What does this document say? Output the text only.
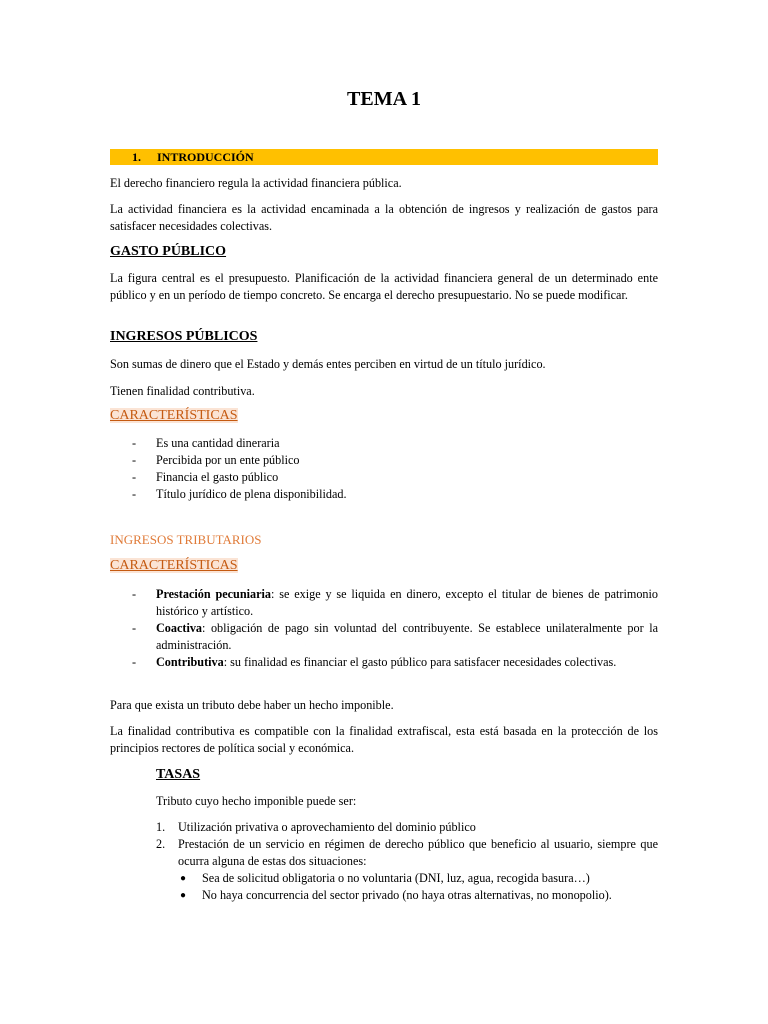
TEMA 1
1. INTRODUCCIÓN

El derecho financiero regula la actividad financiera pública.

La actividad financiera es la actividad encaminada a la obtención de ingresos y realización de gastos para satisfacer necesidades colectivas.

GASTO PÚBLICO

La figura central es el presupuesto. Planificación de la actividad financiera general de un determinado ente público y en un período de tiempo concreto. Se encarga el derecho presupuestario. No se puede modificar.

INGRESOS PÚBLICOS

Son sumas de dinero que el Estado y demás entes perciben en virtud de un título jurídico.

Tienen finalidad contributiva.

CARACTERÍSTICAS
- Es una cantidad dineraria
- Percibida por un ente público
- Financia el gasto público
- Título jurídico de plena disponibilidad.
INGRESOS TRIBUTARIOS
CARACTERÍSTICAS
- Prestación pecuniaria: se exige y se liquida en dinero, excepto el titular de bienes de patrimonio histórico y artístico.
- Coactiva: obligación de pago sin voluntad del contribuyente. Se establece unilateralmente por la administración.
- Contributiva: su finalidad es financiar el gasto público para satisfacer necesidades colectivas.

Para que exista un tributo debe haber un hecho imponible.

La finalidad contributiva es compatible con la finalidad extrafiscal, esta está basada en la protección de los principios rectores de política social y económica.

TASAS

Tributo cuyo hecho imponible puede ser:

1. Utilización privativa o aprovechamiento del dominio público
2. Prestación de un servicio en régimen de derecho público que beneficio al usuario, siempre que ocurra alguna de estas dos situaciones:
● Sea de solicitud obligatoria o no voluntaria (DNI, luz, agua, recogida basura…)
● No haya concurrencia del sector privado (no haya otras alternativas, no monopolio).
